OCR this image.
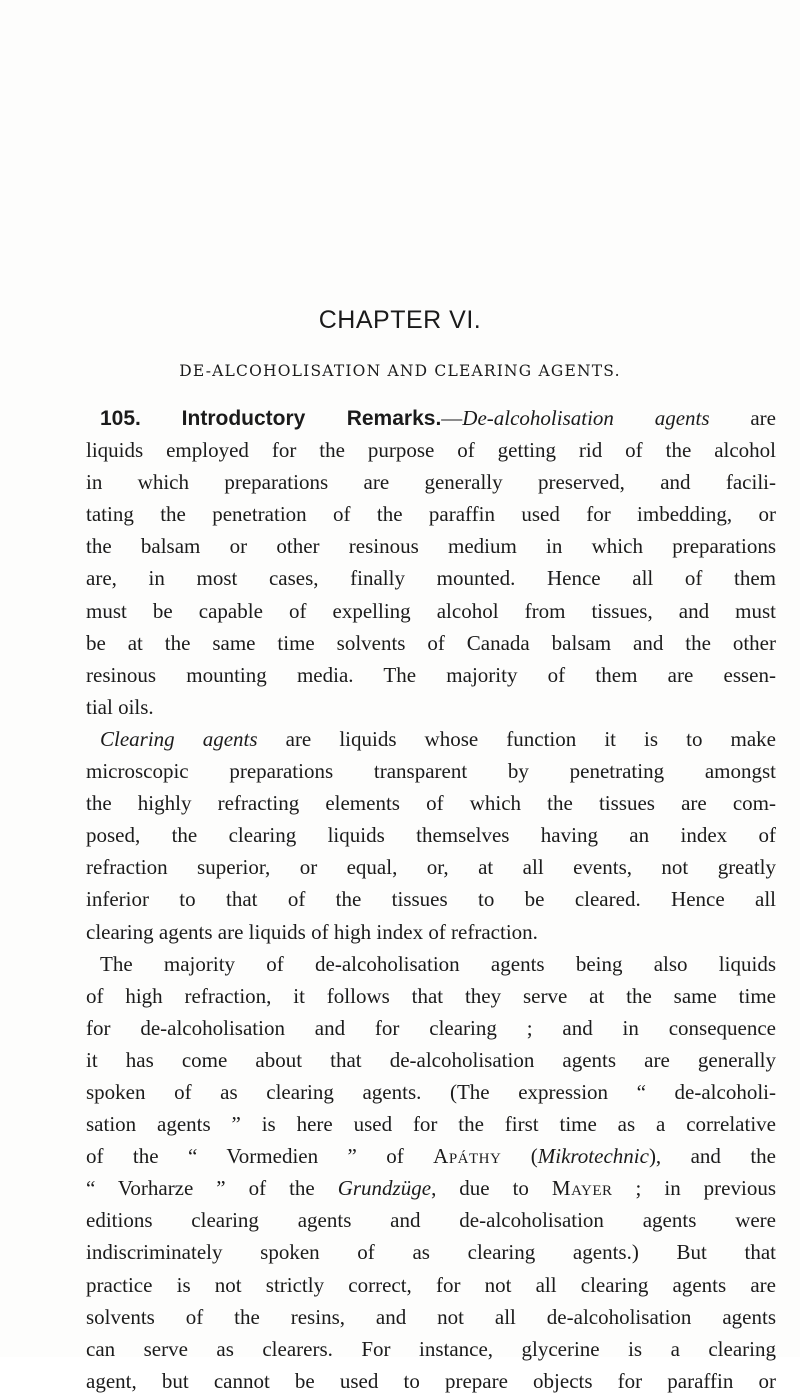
CHAPTER VI.
DE-ALCOHOLISATION AND CLEARING AGENTS.
105. Introductory Remarks.—De-alcoholisation agents are
liquids employed for the purpose of getting rid of the alcohol
in which preparations are generally preserved, and facili-
tating the penetration of the paraffin used for imbedding, or
the balsam or other resinous medium in which preparations
are, in most cases, finally mounted. Hence all of them
must be capable of expelling alcohol from tissues, and must
be at the same time solvents of Canada balsam and the other
resinous mounting media. The majority of them are essen-
tial oils.
Clearing agents are liquids whose function it is to make
microscopic preparations transparent by penetrating amongst
the highly refracting elements of which the tissues are com-
posed, the clearing liquids themselves having an index of
refraction superior, or equal, or, at all events, not greatly
inferior to that of the tissues to be cleared. Hence all
clearing agents are liquids of high index of refraction.
The majority of de-alcoholisation agents being also liquids
of high refraction, it follows that they serve at the same time
for de-alcoholisation and for clearing ; and in consequence
it has come about that de-alcoholisation agents are generally
spoken of as clearing agents. (The expression “ de-alcoholi-
sation agents ” is here used for the first time as a correlative
of the “ Vormedien ” of Apáthy (Mikrotechnic), and the
“ Vorharze ” of the Grundzüge, due to Mayer ; in previous
editions clearing agents and de-alcoholisation agents were
indiscriminately spoken of as clearing agents.) But that
practice is not strictly correct, for not all clearing agents are
solvents of the resins, and not all de-alcoholisation agents
can serve as clearers. For instance, glycerine is a clearing
agent, but cannot be used to prepare objects for paraffin or
